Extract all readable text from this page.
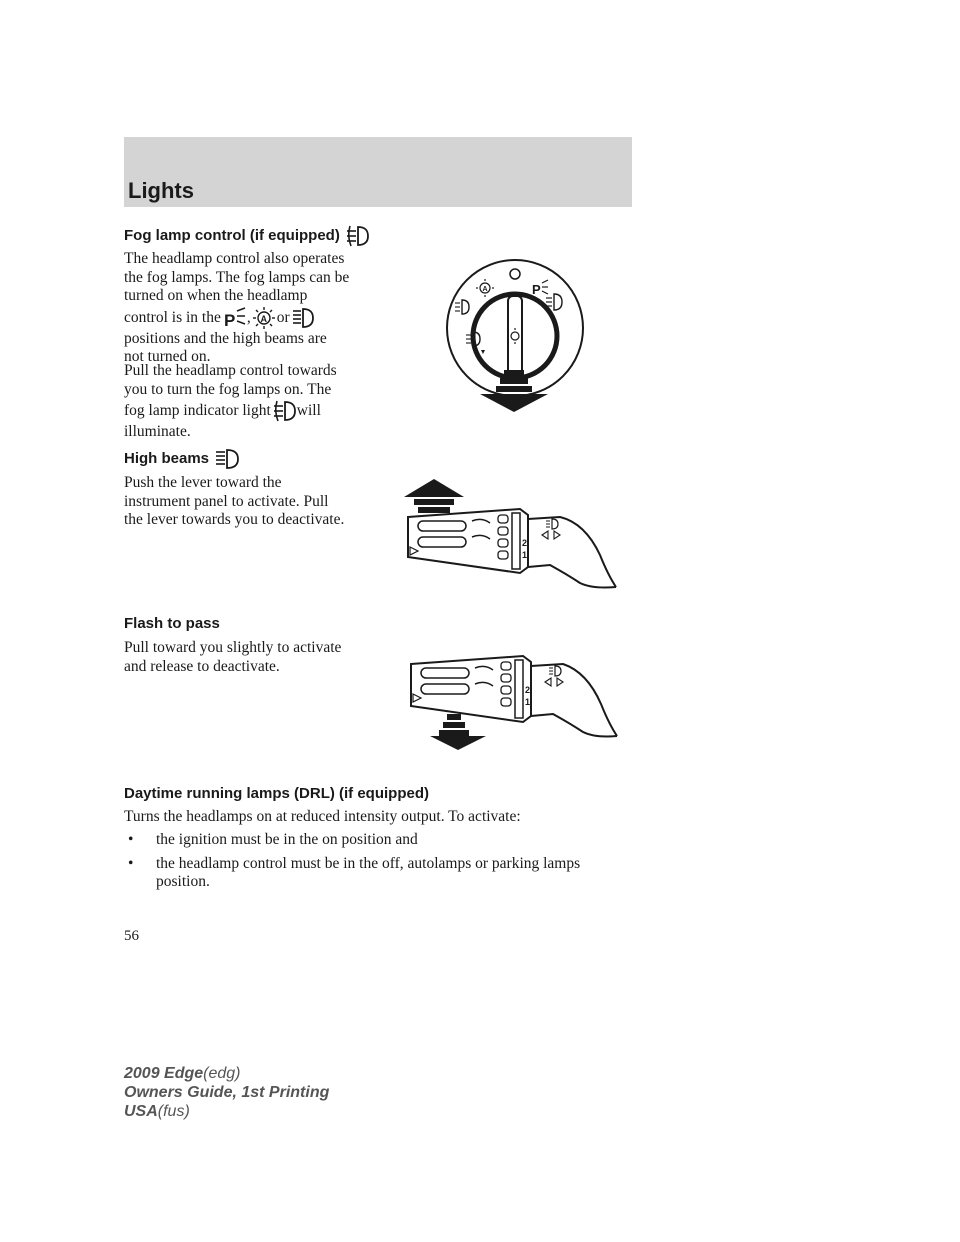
Lights
Fog lamp control (if equipped)
The headlamp control also operates
the fog lamps. The fog lamps can be
turned on when the headlamp
control is in the P , A or
positions and the high beams are
not turned on.
Pull the headlamp control towards
you to turn the fog lamps on. The
fog lamp indicator light will
illuminate.
High beams
Push the lever toward the
instrument panel to activate. Pull
the lever towards you to deactivate.
Flash to pass
Pull toward you slightly to activate
and release to deactivate.
Daytime running lamps (DRL) (if equipped)
Turns the headlamps on at reduced intensity output. To activate:
• the ignition must be in the on position and
• the headlamp control must be in the off, autolamps or parking lamps
position.
56
2009 Edge(edg)
Owners Guide, 1st Printing
USA(fus)
A	P
2
1
2
1
